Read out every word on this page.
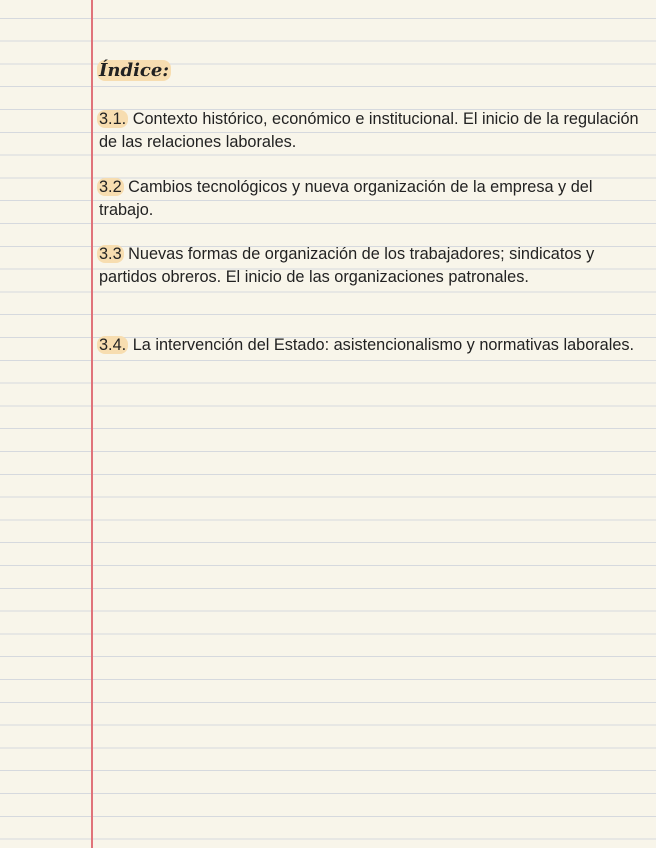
Índice:
3.1. Contexto histórico, económico e institucional. El inicio de la regulación de las relaciones laborales.
3.2 Cambios tecnológicos y nueva organización de la empresa y del trabajo.
3.3 Nuevas formas de organización de los trabajadores; sindicatos y partidos obreros. El inicio de las organizaciones patronales.
3.4. La intervención del Estado: asistencionalismo y normativas laborales.
